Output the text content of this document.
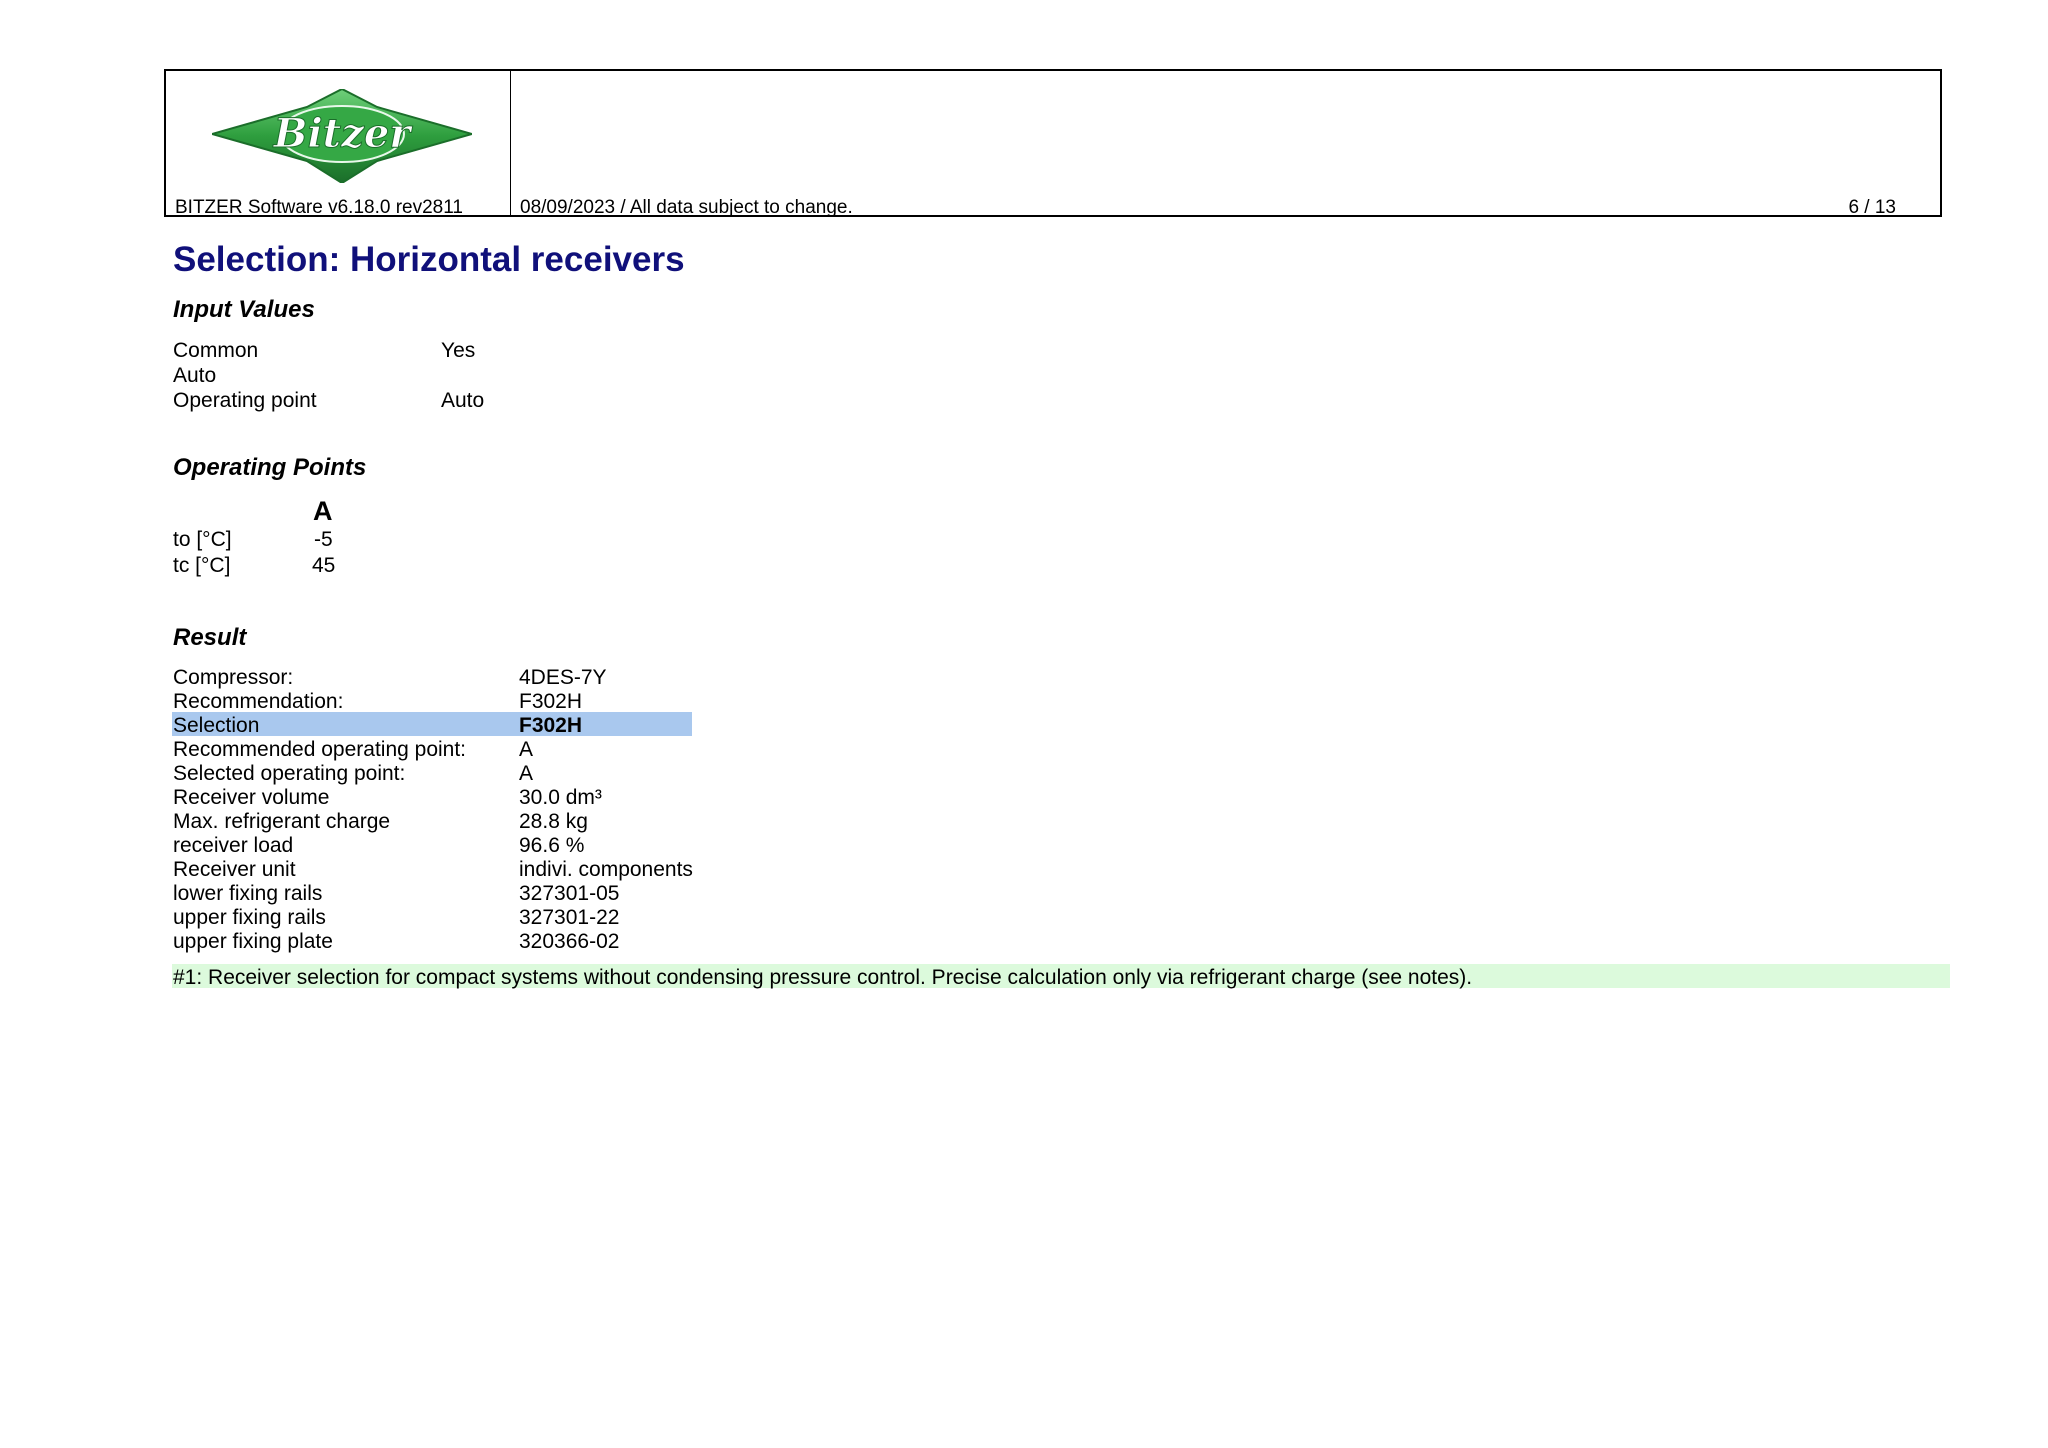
Bitzer
BITZER Software v6.18.0 rev2811	08/09/2023 / All data subject to change.	6 / 13
Selection: Horizontal receivers
Input Values
Common	Yes
Auto
Operating point	Auto
Operating Points
A
to [°C]	-5
tc [°C]	45
Result
Compressor:	4DES-7Y
Recommendation:	F302H
Selection	F302H
Recommended operating point:	A
Selected operating point:	A
Receiver volume	30.0 dm³
Max. refrigerant charge	28.8 kg
receiver load	96.6 %
Receiver unit	indivi. components
lower fixing rails	327301-05
upper fixing rails	327301-22
upper fixing plate	320366-02
#1: Receiver selection for compact systems without condensing pressure control. Precise calculation only via refrigerant charge (see notes).
